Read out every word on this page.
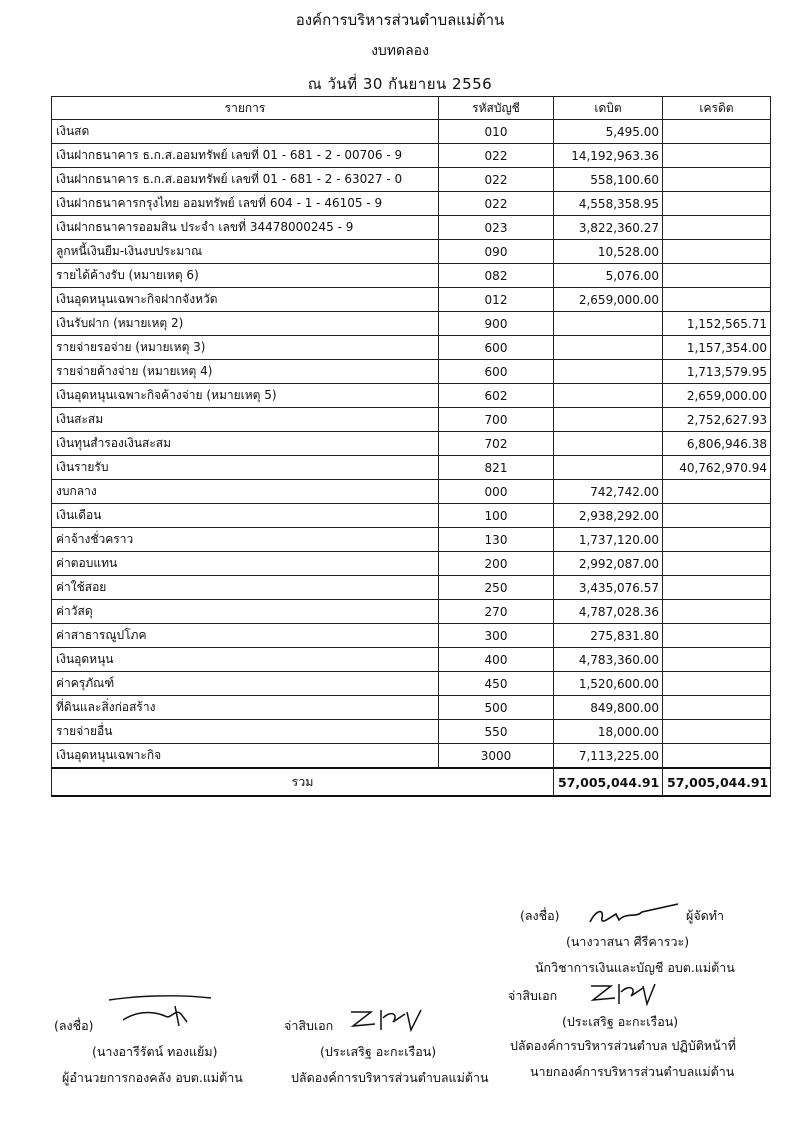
องค์การบริหารส่วนตำบลแม่ต้าน
งบทดลอง
ณ วันที่ 30 กันยายน 2556
รายการ	รหัสบัญชี	เดบิต	เครดิต
เงินสด	010	5,495.00	
เงินฝากธนาคาร ธ.ก.ส.ออมทรัพย์ เลขที่ 01 - 681 - 2 - 00706 - 9	022	14,192,963.36	
เงินฝากธนาคาร ธ.ก.ส.ออมทรัพย์ เลขที่ 01 - 681 - 2 - 63027 - 0	022	558,100.60	
เงินฝากธนาคารกรุงไทย ออมทรัพย์ เลขที่ 604 - 1 - 46105 - 9	022	4,558,358.95	
เงินฝากธนาคารออมสิน ประจำ เลขที่ 34478000245 - 9	023	3,822,360.27	
ลูกหนี้เงินยืม-เงินงบประมาณ	090	10,528.00	
รายได้ค้างรับ (หมายเหตุ 6)	082	5,076.00	
เงินอุดหนุนเฉพาะกิจฝากจังหวัด	012	2,659,000.00	
เงินรับฝาก (หมายเหตุ 2)	900		1,152,565.71
รายจ่ายรอจ่าย (หมายเหตุ 3)	600		1,157,354.00
รายจ่ายค้างจ่าย (หมายเหตุ 4)	600		1,713,579.95
เงินอุดหนุนเฉพาะกิจค้างจ่าย (หมายเหตุ 5)	602		2,659,000.00
เงินสะสม	700		2,752,627.93
เงินทุนสำรองเงินสะสม	702		6,806,946.38
เงินรายรับ	821		40,762,970.94
งบกลาง	000	742,742.00	
เงินเดือน	100	2,938,292.00	
ค่าจ้างชั่วคราว	130	1,737,120.00	
ค่าตอบแทน	200	2,992,087.00	
ค่าใช้สอย	250	3,435,076.57	
ค่าวัสดุ	270	4,787,028.36	
ค่าสาธารณูปโภค	300	275,831.80	
เงินอุดหนุน	400	4,783,360.00	
ค่าครุภัณฑ์	450	1,520,600.00	
ที่ดินและสิ่งก่อสร้าง	500	849,800.00	
รายจ่ายอื่น	550	18,000.00	
เงินอุดหนุนเฉพาะกิจ	3000	7,113,225.00	
รวม		57,005,044.91	57,005,044.91
(ลงชื่อ)	ผู้จัดทำ
(นางวาสนา ศีรีคารวะ)
นักวิชาการเงินและบัญชี อบต.แม่ต้าน
จ่าสิบเอก
(ประเสริฐ อะกะเรือน)
ปลัดองค์การบริหารส่วนตำบล ปฏิบัติหน้าที่
นายกองค์การบริหารส่วนตำบลแม่ต้าน
(ลงชื่อ)
(นางอารีรัตน์ ทองแย้ม)
ผู้อำนวยการกองคลัง อบต.แม่ต้าน
จ่าสิบเอก
(ประเสริฐ อะกะเรือน)
ปลัดองค์การบริหารส่วนตำบลแม่ต้าน
